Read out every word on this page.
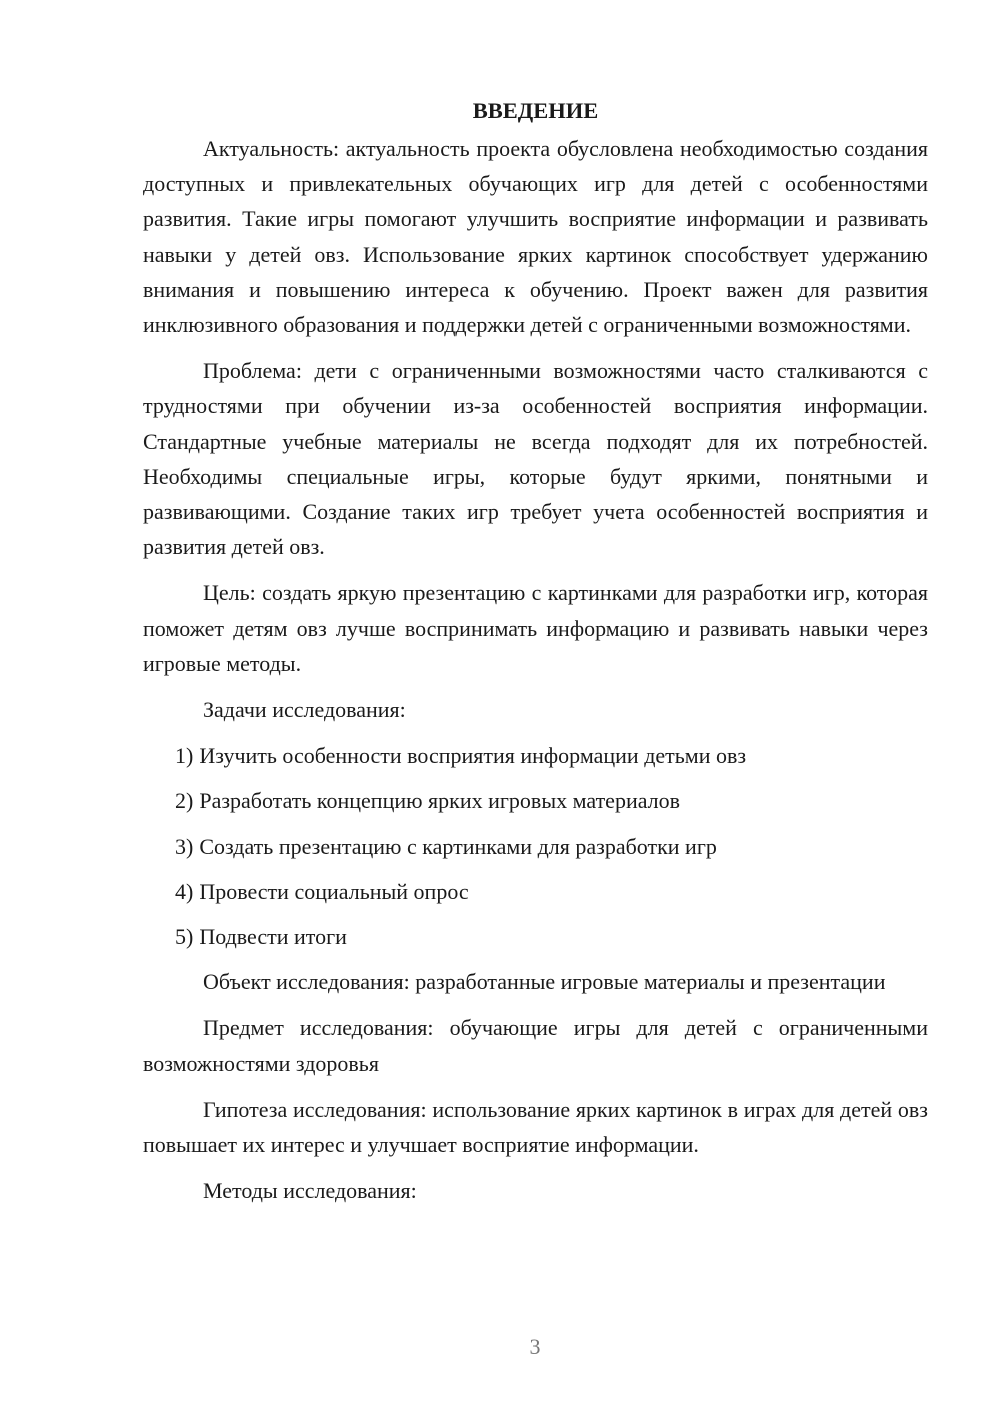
ВВЕДЕНИЕ

Актуальность: актуальность проекта обусловлена необходимостью создания доступных и привлекательных обучающих игр для детей с особенностями развития. Такие игры помогают улучшить восприятие информации и развивать навыки у детей овз. Использование ярких картинок способствует удержанию внимания и повышению интереса к обучению. Проект важен для развития инклюзивного образования и поддержки детей с ограниченными возможностями.

Проблема: дети с ограниченными возможностями часто сталкиваются с трудностями при обучении из-за особенностей восприятия информации. Стандартные учебные материалы не всегда подходят для их потребностей. Необходимы специальные игры, которые будут яркими, понятными и развивающими. Создание таких игр требует учета особенностей восприятия и развития детей овз.

Цель: создать яркую презентацию с картинками для разработки игр, которая поможет детям овз лучше воспринимать информацию и развивать навыки через игровые методы.

Задачи исследования:

1) Изучить особенности восприятия информации детьми овз
2) Разработать концепцию ярких игровых материалов
3) Создать презентацию с картинками для разработки игр
4) Провести социальный опрос
5) Подвести итоги

Объект исследования: разработанные игровые материалы и презентации

Предмет исследования: обучающие игры для детей с ограниченными возможностями здоровья

Гипотеза исследования: использование ярких картинок в играх для детей овз повышает их интерес и улучшает восприятие информации.

Методы исследования:

3
